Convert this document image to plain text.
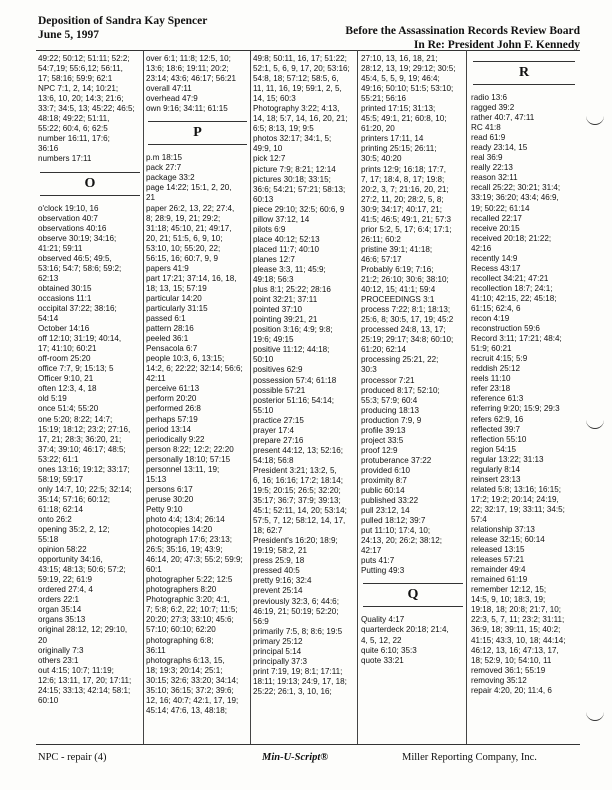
Deposition of Sandra Kay Spencer
June 5, 1997	Before the Assassination Records Review Board
In Re: President John F. Kennedy

49:22; 50:12; 51:11; 52:2;

54:7,19; 55:6,12; 56:11,

17; 58:16; 59:9; 62:1

NPC 7:1, 2, 14; 10:21;

13:6, 10, 20; 14:3; 21:6;

33:7; 34:5, 13; 45:22; 46:5;

48:18; 49:22; 51:11,

55:22; 60:4, 6; 62:5

number 16:11, 17:6;

36:16

numbers 17:11

O

o'clock 19:10, 16

observation 40:7

observations 40:16

observe 30:19; 34:16;

41:21; 59:11

observed 46:5; 49:5,

53:16; 54:7; 58:6; 59:2;

62:13

obtained 30:15

occasions 11:1

occipital 37:22; 38:16;

54:14

October 14:16

off 12:10; 31:19; 40:14,

17; 41:10; 60:21

off-room 25:20

office 7:7, 9; 15:13; 5

Officer 9:10, 21

often 12:3, 4, 18

old 5:19

once 51:4; 55:20

one 5:20; 8:22; 14:7;

15:19; 18:12; 23:2; 27:16,

17, 21; 28:3; 36:20, 21;

37:4; 39:10; 46:17; 48:5;

53:22; 61:1

ones 13:16; 19:12; 33:17;

58:19; 59:17

only 14:7, 10; 22:5; 32:14;

35:14; 57:16; 60:12;

61:18; 62:14

onto 26:2

opening 35:2, 2, 12;

55:18

opinion 58:22

opportunity 34:16,

43:15; 48:13; 50:6; 57:2;

59:19, 22; 61:9

ordered 27:4, 4

orders 22:1

organ 35:14

organs 35:13

original 28:12, 12; 29:10,

20

originally 7:3

others 23:1

out 4:15; 10:7; 11:19;

12:6; 13:11, 17, 20; 17:11;

24:15; 33:13; 42:14; 58:1;

60:10

over 6:1; 11:8; 12:5, 10;

13:6; 18:6; 19:11; 20:2;

23:14; 43:6; 46:17; 56:21

overall 47:11

overhead 47:9

own 9:16; 34:11; 61:15

P

p.m 18:15

pack 27:7

package 33:2

page 14:22; 15:1, 2, 20,

21

paper 26:2, 13, 22; 27:4,

8; 28:9, 19, 21; 29:2;

31:18; 45:10, 21; 49:17,

20, 21; 51:5, 6, 9, 10;

53:10, 10; 55:20, 22;

56:15, 16; 60:7, 9, 9

papers 41:9

part 17:21; 37:14, 16, 18,

18; 13, 15; 57:19

particular 14:20

particularly 31:15

passed 6:1

pattern 28:16

peeled 36:1

Pensacola 6:7

people 10:3, 6, 13:15;

14:2, 6; 22:22; 32:14; 56:6;

42:11

perceive 61:13

perform 20:20

performed 26:8

perhaps 57:19

period 13:14

periodically 9:22

person 8:22; 12:2; 22:20

personally 18:10; 57:15

personnel 13:11, 19;

15:13

persons 6:17

peruse 30:20

Petty 9:10

photo 4:4; 13:4; 26:14

photocopies 14:20

photograph 17:6; 23:13;

26:5; 35:16, 19; 43:9;

46:14, 20; 47:3; 55:2; 59:9;

60:1

photographer 5:22; 12:5

photographers 8:20

Photographic 3:20; 4:1,

7; 5:8; 6:2, 22; 10:7; 11:5;

20:20; 27:3; 33:10; 45:6;

57:10; 60:10; 62:20

photographing 6:8;

36:11

photographs 6:13, 15,

18; 19:3; 20:14; 25:1;

30:15; 32:6; 33:20; 34:14;

35:10; 36:15; 37:2; 39:6;

12, 16; 40:7; 42:1, 17, 19;

45:14; 47:6, 13, 48:18;

49:8; 50:11, 16, 17; 51:22;

52:1, 5, 6, 9, 17, 20; 53:16;

54:8, 18; 57:12; 58:5, 6,

11, 11, 16, 19; 59:1, 2, 5,

14, 15; 60:3

Photography 3:22; 4:13,

14, 18; 5:7, 14, 16, 20, 21;

6:5; 8:13, 19; 9:5

photos 32:17; 34:1, 5;

49:9, 10

pick 12:7

picture 7:9; 8:21; 12:14

pictures 30:18; 33:15;

36:6; 54:21; 57:21; 58:13;

60:13

piece 29:10; 32:5; 60:6, 9

pillow 37:12, 14

pilots 6:9

place 40:12; 52:13

placed 11:7; 40:10

planes 12:7

please 3:3, 11; 45:9;

49:18; 56:3

plus 8:1; 25:22; 28:16

point 32:21; 37:11

pointed 37:10

pointing 39:21, 21

position 3:16; 4:9; 9:8;

19:6; 49:15

positive 11:12; 44:18;

50:10

positives 62:9

possession 57:4; 61:18

possible 57:21

posterior 51:16; 54:14;

55:10

practice 27:15

prayer 17:4

prepare 27:16

present 44:12, 13; 52:16;

54:18; 56:8

President 3:21; 13:2, 5,

6, 16; 16:16; 17:2; 18:14;

19:5; 20:15; 26:5; 32:20;

35:17; 36:7; 37:9; 39:13;

45:1; 52:11, 14, 20; 53:14;

57:5, 7, 12; 58:12, 14, 17,

18; 62:7

President's 16:20; 18:9;

19:19; 58:2, 21

press 25:9, 18

pressed 40:5

pretty 9:16; 32:4

prevent 25:14

previously 32:3, 6; 44:6;

46:19, 21; 50:19; 52:20;

56:9

primarily 7:5, 8; 8:6; 19:5

primary 25:12

principal 5:14

principally 37:3

print 7:19, 19; 8:1; 17:11;

18:11; 19:13; 24:9, 17, 18;

25:22; 26:1, 3, 10, 16;

27:10, 13, 16, 18, 21;

28:12, 13, 19; 29:12; 30:5;

45:4, 5, 5, 9, 19; 46:4;

49:16; 50:10; 51:5; 53:10;

55:21; 56:16

printed 17:15; 31:13;

45:5; 49:1, 21; 60:8, 10;

61:20, 20

printers 17:11, 14

printing 25:15; 26:11;

30:5; 40:20

prints 12:9; 16:18; 17:7,

7, 17; 18:4, 8, 17; 19:8;

20:2, 3, 7; 21:16, 20, 21;

27:2, 11, 20; 28:2, 5, 8;

30:9; 34:17; 40:17, 21;

41:5; 46:5; 49:1, 21; 57:3

prior 5:2, 5, 17; 6:4; 17:1;

26:11; 60:2

pristine 39:1; 41:18;

46:6; 57:17

Probably 6:19; 7:16;

21:2; 26:10; 30:6; 38:10;

40:12, 15; 41:1; 59:4

PROCEEDINGS 3:1

process 7:22; 8:1; 18:13;

25:6, 8; 30:5, 17, 19; 45:2

processed 24:8, 13, 17;

25:19; 29:17; 34:8; 60:10;

61:20; 62:14

processing 25:21, 22;

30:3

processor 7:21

produced 8:17; 52:10;

55:3; 57:9; 60:4

producing 18:13

production 7:9, 9

profile 39:13

project 33:5

proof 12:9

protuberance 37:22

provided 6:10

proximity 8:7

public 60:14

published 33:22

pull 23:12, 14

pulled 18:12; 39:7

put 11:10; 17:4, 10;

24:13, 20; 26:2; 38:12;

42:17

puts 41:7

Putting 49:3

Q

Quality 4:17

quarterdeck 20:18; 21:4,

4, 5, 12, 22

quite 6:10; 35:3

quote 33:21

R

radio 13:6

ragged 39:2

rather 40:7, 47:11

RC 41:8

read 61:9

ready 23:14, 15

real 36:9

really 22:13

reason 32:11

recall 25:22; 30:21; 31:4;

33:19; 36:20; 43:4; 46:9,

19; 50:22; 61:14

recalled 22:17

receive 20:15

received 20:18; 21:22;

42:16

recently 14:9

Recess 43:17

recollect 34:21; 47:21

recollection 18:7; 24:1;

41:10; 42:15, 22; 45:18;

61:15; 62:4, 6

recon 4:19

reconstruction 59:6

Record 3:11; 17:21; 48:4;

51:9; 60:21

recruit 4:15; 5:9

reddish 25:12

reels 11:10

refer 23:18

reference 61:3

referring 9:20; 15:9; 29:3

refers 62:9, 16

reflected 39:7

reflection 55:10

region 54:15

regular 13:22; 31:13

regularly 8:14

reinsert 23:13

related 5:8; 13:16; 16:15;

17:2; 19:2; 20:14; 24:19,

22; 32:17, 19; 33:11; 34:5;

57:4

relationship 37:13

release 32:15; 60:14

released 13:15

releases 57:21

remainder 49:4

remained 61:19

remember 12:12, 15;

14:5, 9, 10; 18:3, 19;

19:18, 18; 20:8; 21:7, 10;

22:3, 5, 7, 11; 23:2; 31:11;

36:9, 18; 39:11, 15; 40:2;

41:15; 43:3, 10, 18; 44:14;

46:12, 13, 16; 47:13, 17,

18; 52:9, 10; 54:10, 11

removed 36:1; 55:19

removing 35:12

repair 4:20, 20; 11:4, 6

NPC - repair (4)	Min-U-Script®	Miller Reporting Company, Inc.
